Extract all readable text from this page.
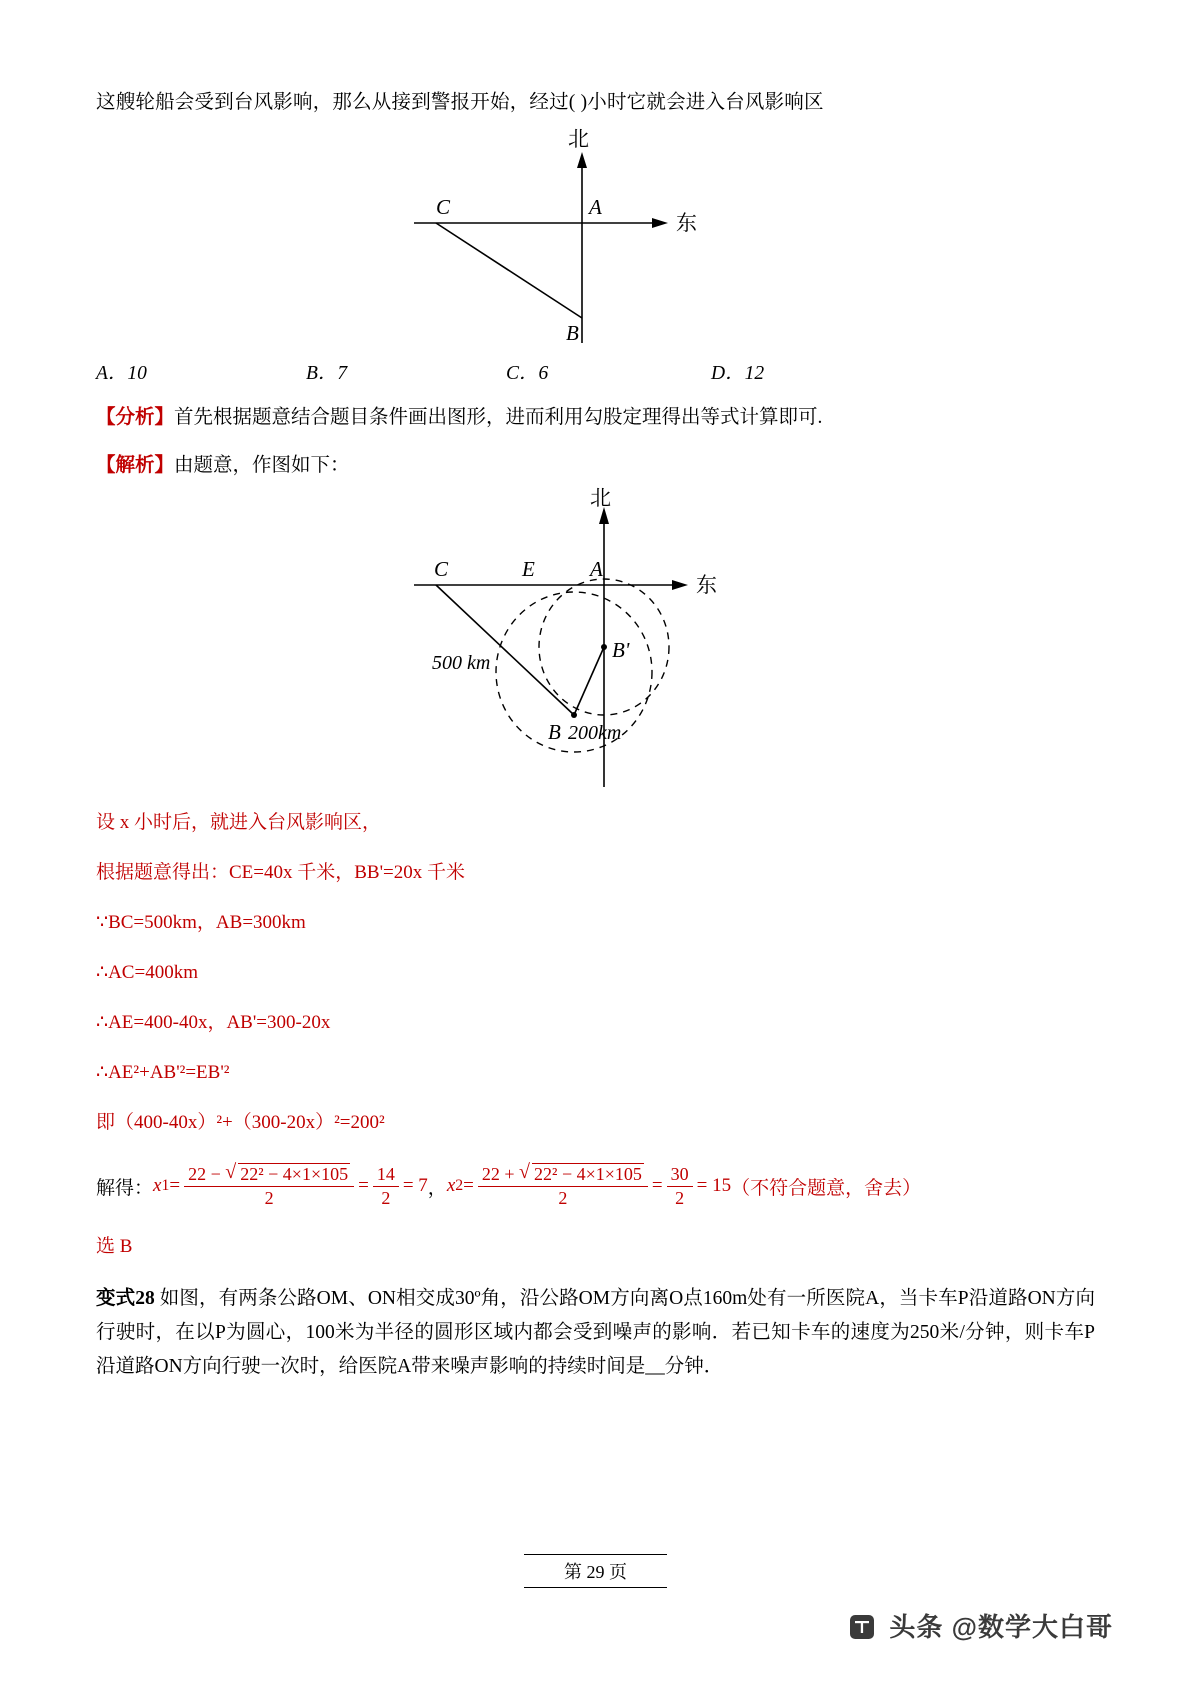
这艘轮船会受到台风影响，那么从接到警报开始，经过( )小时它就会进入台风影响区
C	A
B
北
东
A．10	B．7	C．6	D．12
【分析】首先根据题意结合题目条件画出图形，进而利用勾股定理得出等式计算即可.
【解析】由题意，作图如下：
C	E	A
B'
B 200km
500 km
北
东
设 x 小时后，就进入台风影响区，
根据题意得出：CE=40x 千米，BB'=20x 千米
∵BC=500km，AB=300km
∴AC=400km
∴AE=400-40x，AB'=300-20x
∴AE²+AB'²=EB'²
即（400-40x）²+（300-20x）²=200²
解得： x $1 = \frac{\text{22 − √ 22² − 4×1×105}}{2} = \frac{14}{2} = 7$ ， x $2 = \frac{\text{22 + √ 22² − 4×1×105}}{2} = \frac{30}{2} = 15$ （不符合题意，舍去）
选 B
变式28 如图，有两条公路OM、ON相交成30º角，沿公路OM方向离O点160m处有一所医院A，当卡车P沿道路ON方向行驶时，在以P为圆心，100米为半径的圆形区域内都会受到噪声的影响．若已知卡车的速度为250米/分钟，则卡车P沿道路ON方向行驶一次时，给医院A带来噪声影响的持续时间是__分钟．
第 29 页
头条 @数学大白哥
